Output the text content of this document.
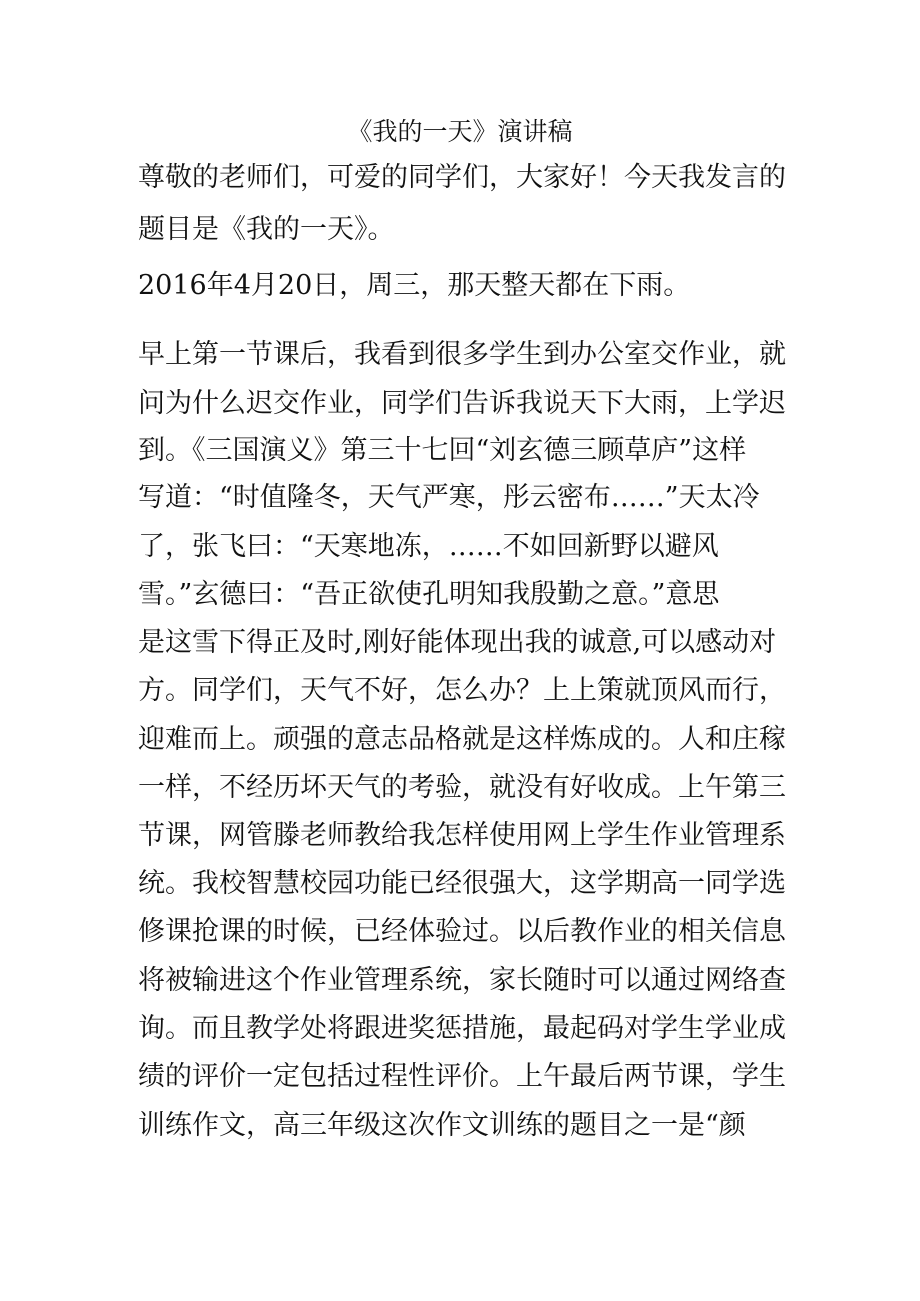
《我的一天》演讲稿
尊敬的老师们，可爱的同学们，大家好！今天我发言的
题目是《我的一天》。
2016年4月20日，周三，那天整天都在下雨。
早上第一节课后，我看到很多学生到办公室交作业，就
问为什么迟交作业，同学们告诉我说天下大雨，上学迟
到。《三国演义》第三十七回“刘玄德三顾草庐”这样
写道：“时值隆冬，天气严寒，彤云密布……”天太冷
了，张飞曰：“天寒地冻，……不如回新野以避风
雪。”玄德曰：“吾正欲使孔明知我殷勤之意。”意思
是这雪下得正及时,刚好能体现出我的诚意,可以感动对
方。同学们，天气不好，怎么办？上上策就顶风而行，
迎难而上。顽强的意志品格就是这样炼成的。人和庄稼
一样，不经历坏天气的考验，就没有好收成。上午第三
节课，网管滕老师教给我怎样使用网上学生作业管理系
统。我校智慧校园功能已经很强大，这学期高一同学选
修课抢课的时候，已经体验过。以后教作业的相关信息
将被输进这个作业管理系统，家长随时可以通过网络查
询。而且教学处将跟进奖惩措施，最起码对学生学业成
绩的评价一定包括过程性评价。上午最后两节课，学生
训练作文，高三年级这次作文训练的题目之一是“颜
